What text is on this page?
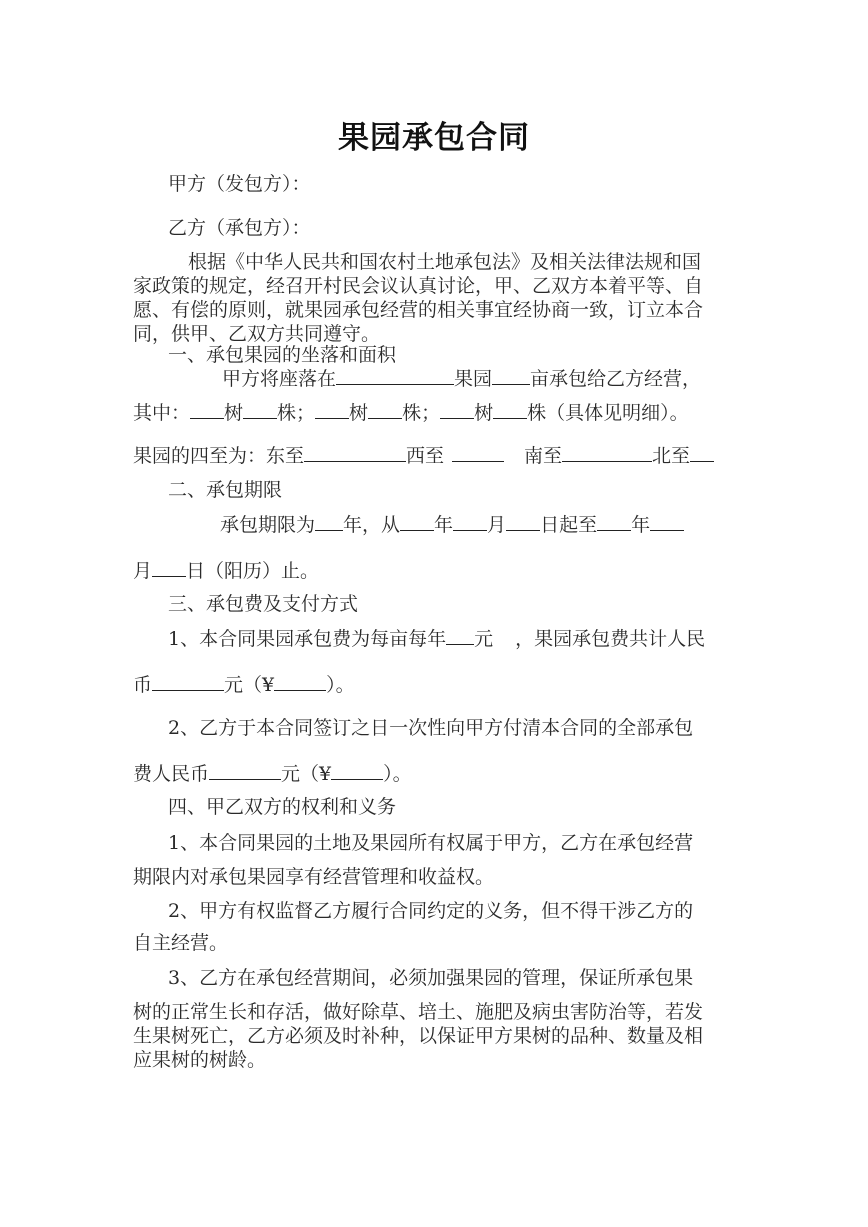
果园承包合同
甲方（发包方）：
乙方（承包方）：
根据《中华人民共和国农村土地承包法》及相关法律法规和国
家政策的规定，经召开村民会议认真讨论，甲、乙双方本着平等、自
愿、有偿的原则，就果园承包经营的相关事宜经协商一致，订立本合
同，供甲、乙双方共同遵守。
一、承包果园的坐落和面积
甲方将座落在	果园 亩承包给乙方经营，
其中： 树 株； 树 株； 树 株（具体见明细）。
果园的四至为：东至	西至	南至	北至
二、承包期限
承包期限为 年，从 年 月 日起至 年
月 日（阳历）止。
三、承包费及支付方式
1、本合同果园承包费为每亩每年 元 ，果园承包费共计人民
币	元（¥	）。
2、乙方于本合同签订之日一次性向甲方付清本合同的全部承包
费人民币	元（¥	）。
四、甲乙双方的权利和义务
1、本合同果园的土地及果园所有权属于甲方，乙方在承包经营
期限内对承包果园享有经营管理和收益权。
2、甲方有权监督乙方履行合同约定的义务，但不得干涉乙方的
自主经营。
3、乙方在承包经营期间，必须加强果园的管理，保证所承包果
树的正常生长和存活，做好除草、培土、施肥及病虫害防治等，若发
生果树死亡，乙方必须及时补种，以保证甲方果树的品种、数量及相
应果树的树龄。
